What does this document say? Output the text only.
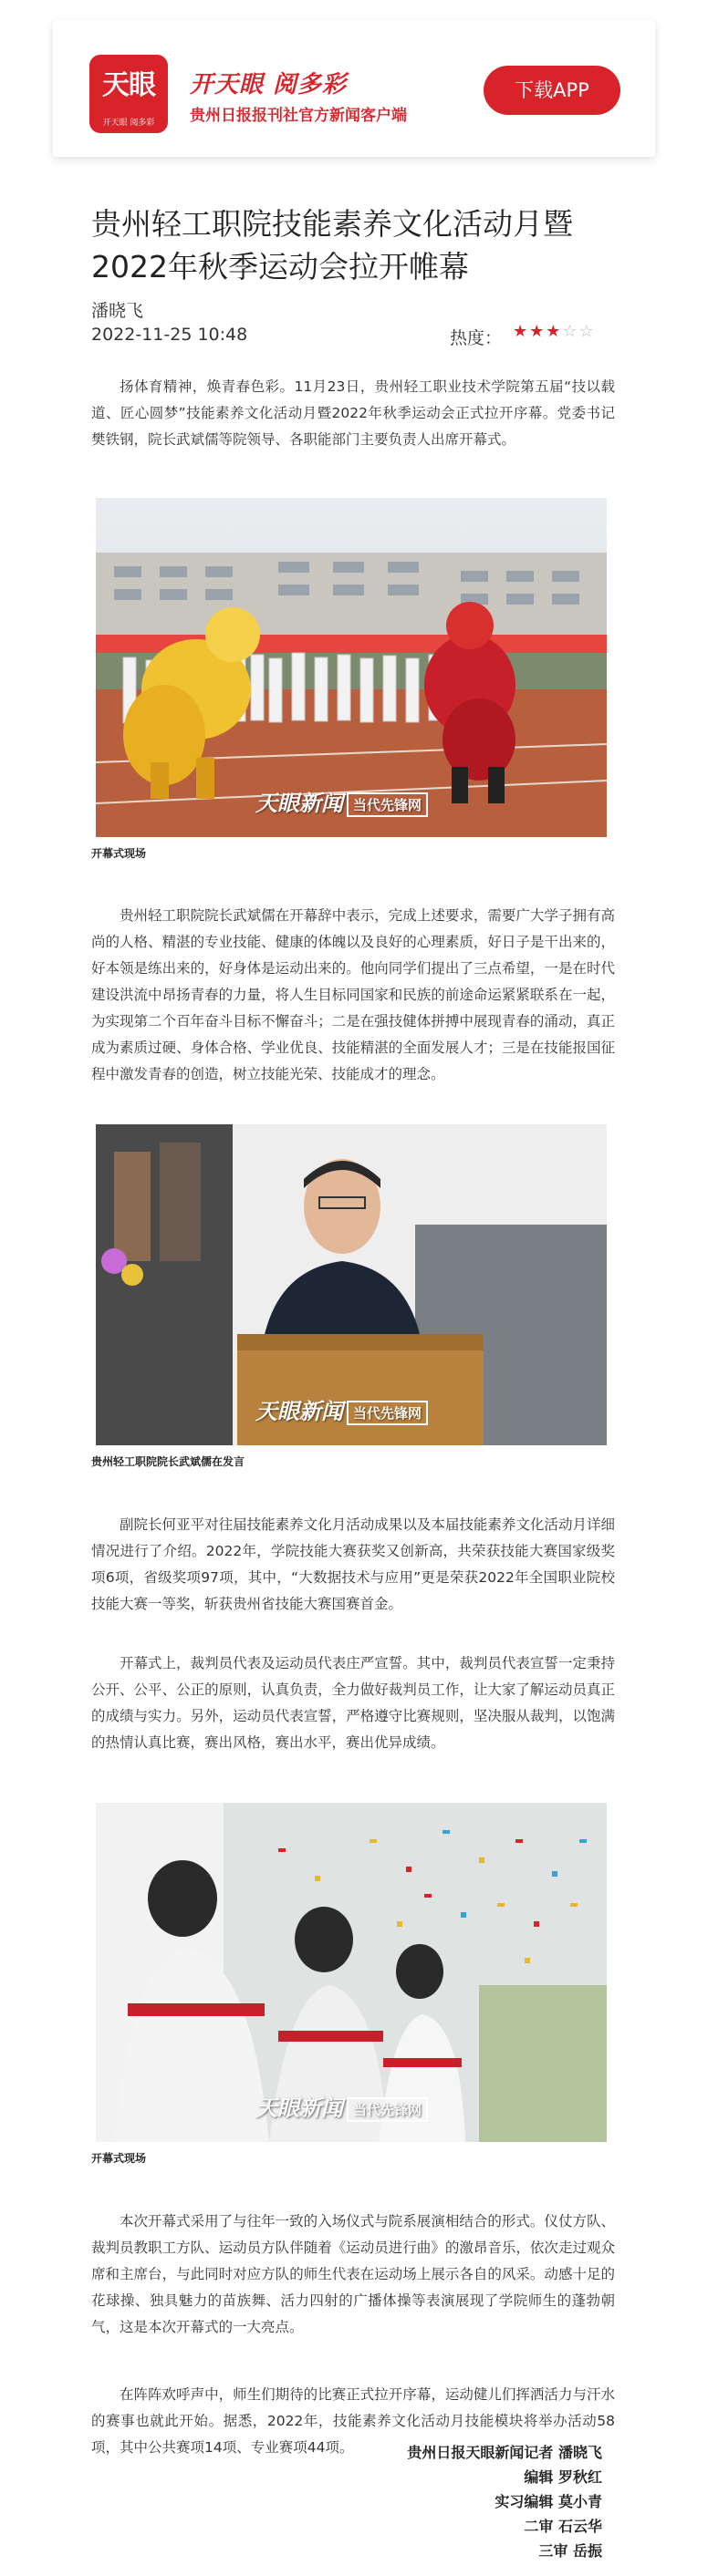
天眼
开天眼 阅多彩
开天眼 阅多彩
贵州日报报刊社官方新闻客户端
下载APP
贵州轻工职院技能素养文化活动月暨2022年秋季运动会拉开帷幕
潘晓飞
2022-11-25 10:48	热度： ★★★☆☆

扬体育精神，焕青春色彩。11月23日，贵州轻工职业技术学院第五届“技以载道、匠心圆梦”技能素养文化活动月暨2022年秋季运动会正式拉开序幕。党委书记樊铁钢，院长武斌儒等院领导、各职能部门主要负责人出席开幕式。

天眼新闻 当代先锋网
开幕式现场

贵州轻工职院院长武斌儒在开幕辞中表示，完成上述要求，需要广大学子拥有高尚的人格、精湛的专业技能、健康的体魄以及良好的心理素质，好日子是干出来的，好本领是练出来的，好身体是运动出来的。他向同学们提出了三点希望，一是在时代建设洪流中昂扬青春的力量，将人生目标同国家和民族的前途命运紧紧联系在一起，为实现第二个百年奋斗目标不懈奋斗；二是在强技健体拼搏中展现青春的涌动，真正成为素质过硬、身体合格、学业优良、技能精湛的全面发展人才；三是在技能报国征程中激发青春的创造，树立技能光荣、技能成才的理念。

天眼新闻 当代先锋网
贵州轻工职院院长武斌儒在发言

副院长何亚平对往届技能素养文化月活动成果以及本届技能素养文化活动月详细情况进行了介绍。2022年，学院技能大赛获奖又创新高，共荣获技能大赛国家级奖项6项，省级奖项97项，其中，“大数据技术与应用”更是荣获2022年全国职业院校技能大赛一等奖，斩获贵州省技能大赛国赛首金。

开幕式上，裁判员代表及运动员代表庄严宣誓。其中，裁判员代表宣誓一定秉持公开、公平、公正的原则，认真负责，全力做好裁判员工作，让大家了解运动员真正的成绩与实力。另外，运动员代表宣誓，严格遵守比赛规则，坚决服从裁判，以饱满的热情认真比赛，赛出风格，赛出水平，赛出优异成绩。

天眼新闻 当代先锋网
开幕式现场

本次开幕式采用了与往年一致的入场仪式与院系展演相结合的形式。仪仗方队、裁判员教职工方队、运动员方队伴随着《运动员进行曲》的激昂音乐，依次走过观众席和主席台，与此同时对应方队的师生代表在运动场上展示各自的风采。动感十足的花球操、独具魅力的苗族舞、活力四射的广播体操等表演展现了学院师生的蓬勃朝气，这是本次开幕式的一大亮点。

在阵阵欢呼声中，师生们期待的比赛正式拉开序幕，运动健儿们挥洒活力与汗水的赛事也就此开始。据悉，2022年，技能素养文化活动月技能模块将举办活动58项，其中公共赛项14项、专业赛项44项。	贵州日报天眼新闻记者 潘晓飞
编辑 罗秋红
实习编辑 莫小青
二审 石云华
三审 岳振
